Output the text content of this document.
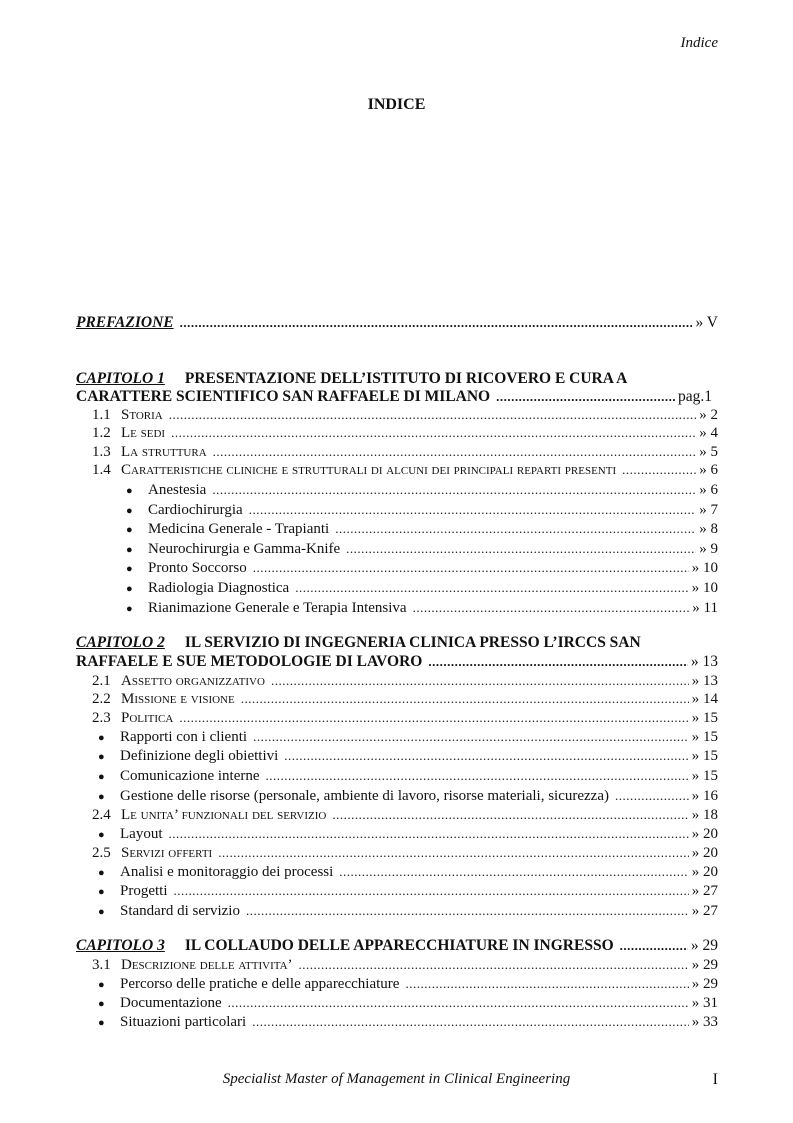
Indice
INDICE
PREFAZIONE .....	» V
CAPITOLO 1 PRESENTAZIONE DELL’ISTITUTO DI RICOVERO E CURA A
CARATTERE SCIENTIFICO SAN RAFFAELE DI MILANO .....	pag.1
1.1 Storia .....	» 2
1.2 Le sedi .....	» 4
1.3 La struttura .....	» 5
1.4 Caratteristiche cliniche e strutturali di alcuni dei principali reparti presenti .....	» 6
●	Anestesia .....	» 6
●	Cardiochirurgia .....	» 7
●	Medicina Generale - Trapianti .....	» 8
●	Neurochirurgia e Gamma-Knife .....	» 9
●	Pronto Soccorso .....	» 10
●	Radiologia Diagnostica .....	» 10
●	Rianimazione Generale e Terapia Intensiva .....	» 11
CAPITOLO 2 IL SERVIZIO DI INGEGNERIA CLINICA PRESSO L’IRCCS SAN
RAFFAELE E SUE METODOLOGIE DI LAVORO .....	» 13
2.1 Assetto organizzativo .....	» 13
2.2 Missione e visione .....	» 14
2.3 Politica .....	» 15
●	Rapporti con i clienti .....	» 15
●	Definizione degli obiettivi .....	» 15
●	Comunicazione interne .....	» 15
●	Gestione delle risorse (personale, ambiente di lavoro, risorse materiali, sicurezza) .....	» 16
2.4 Le unita’ funzionali del servizio .....	» 18
●	Layout .....	» 20
2.5 Servizi offerti .....	» 20
●	Analisi e monitoraggio dei processi .....	» 20
●	Progetti .....	» 27
●	Standard di servizio .....	» 27
CAPITOLO 3 IL COLLAUDO DELLE APPARECCHIATURE IN INGRESSO .....	» 29
3.1 Descrizione delle attivita’ .....	» 29
●	Percorso delle pratiche e delle apparecchiature .....	» 29
●	Documentazione .....	» 31
●	Situazioni particolari .....	» 33
Specialist Master of Management in Clinical Engineering	I
